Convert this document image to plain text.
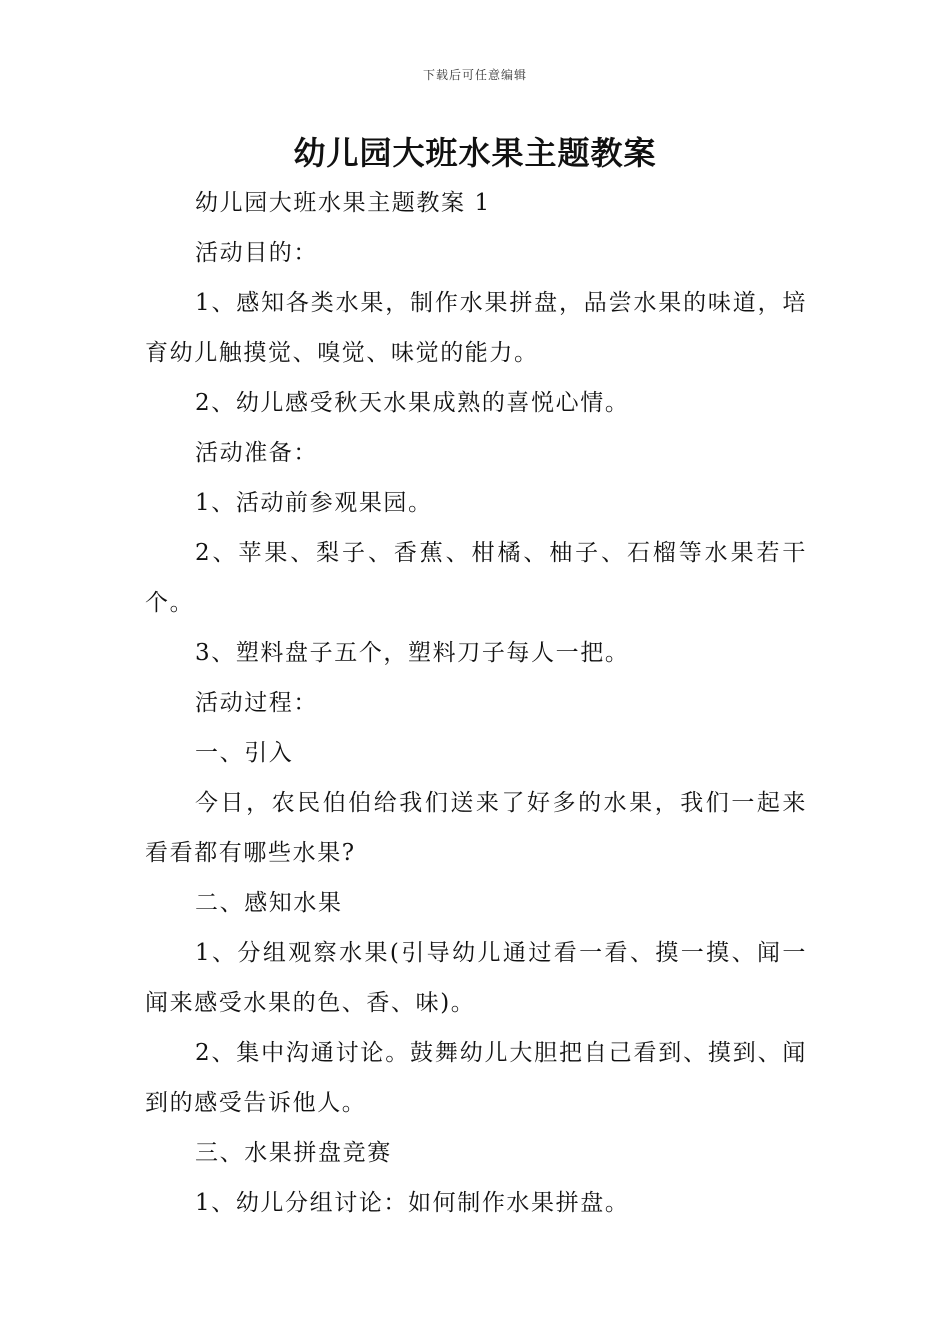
下载后可任意编辑
幼儿园大班水果主题教案

幼儿园大班水果主题教案 1

活动目的：

1、感知各类水果，制作水果拼盘，品尝水果的味道，培育幼儿触摸觉、嗅觉、味觉的能力。

2、幼儿感受秋天水果成熟的喜悦心情。

活动准备：

1、活动前参观果园。

2、苹果、梨子、香蕉、柑橘、柚子、石榴等水果若干个。

3、塑料盘子五个，塑料刀子每人一把。

活动过程：

一、引入

今日，农民伯伯给我们送来了好多的水果，我们一起来看看都有哪些水果?

二、感知水果

1、分组观察水果(引导幼儿通过看一看、摸一摸、闻一闻来感受水果的色、香、味)。

2、集中沟通讨论。鼓舞幼儿大胆把自己看到、摸到、闻到的感受告诉他人。

三、水果拼盘竞赛

1、幼儿分组讨论：如何制作水果拼盘。
